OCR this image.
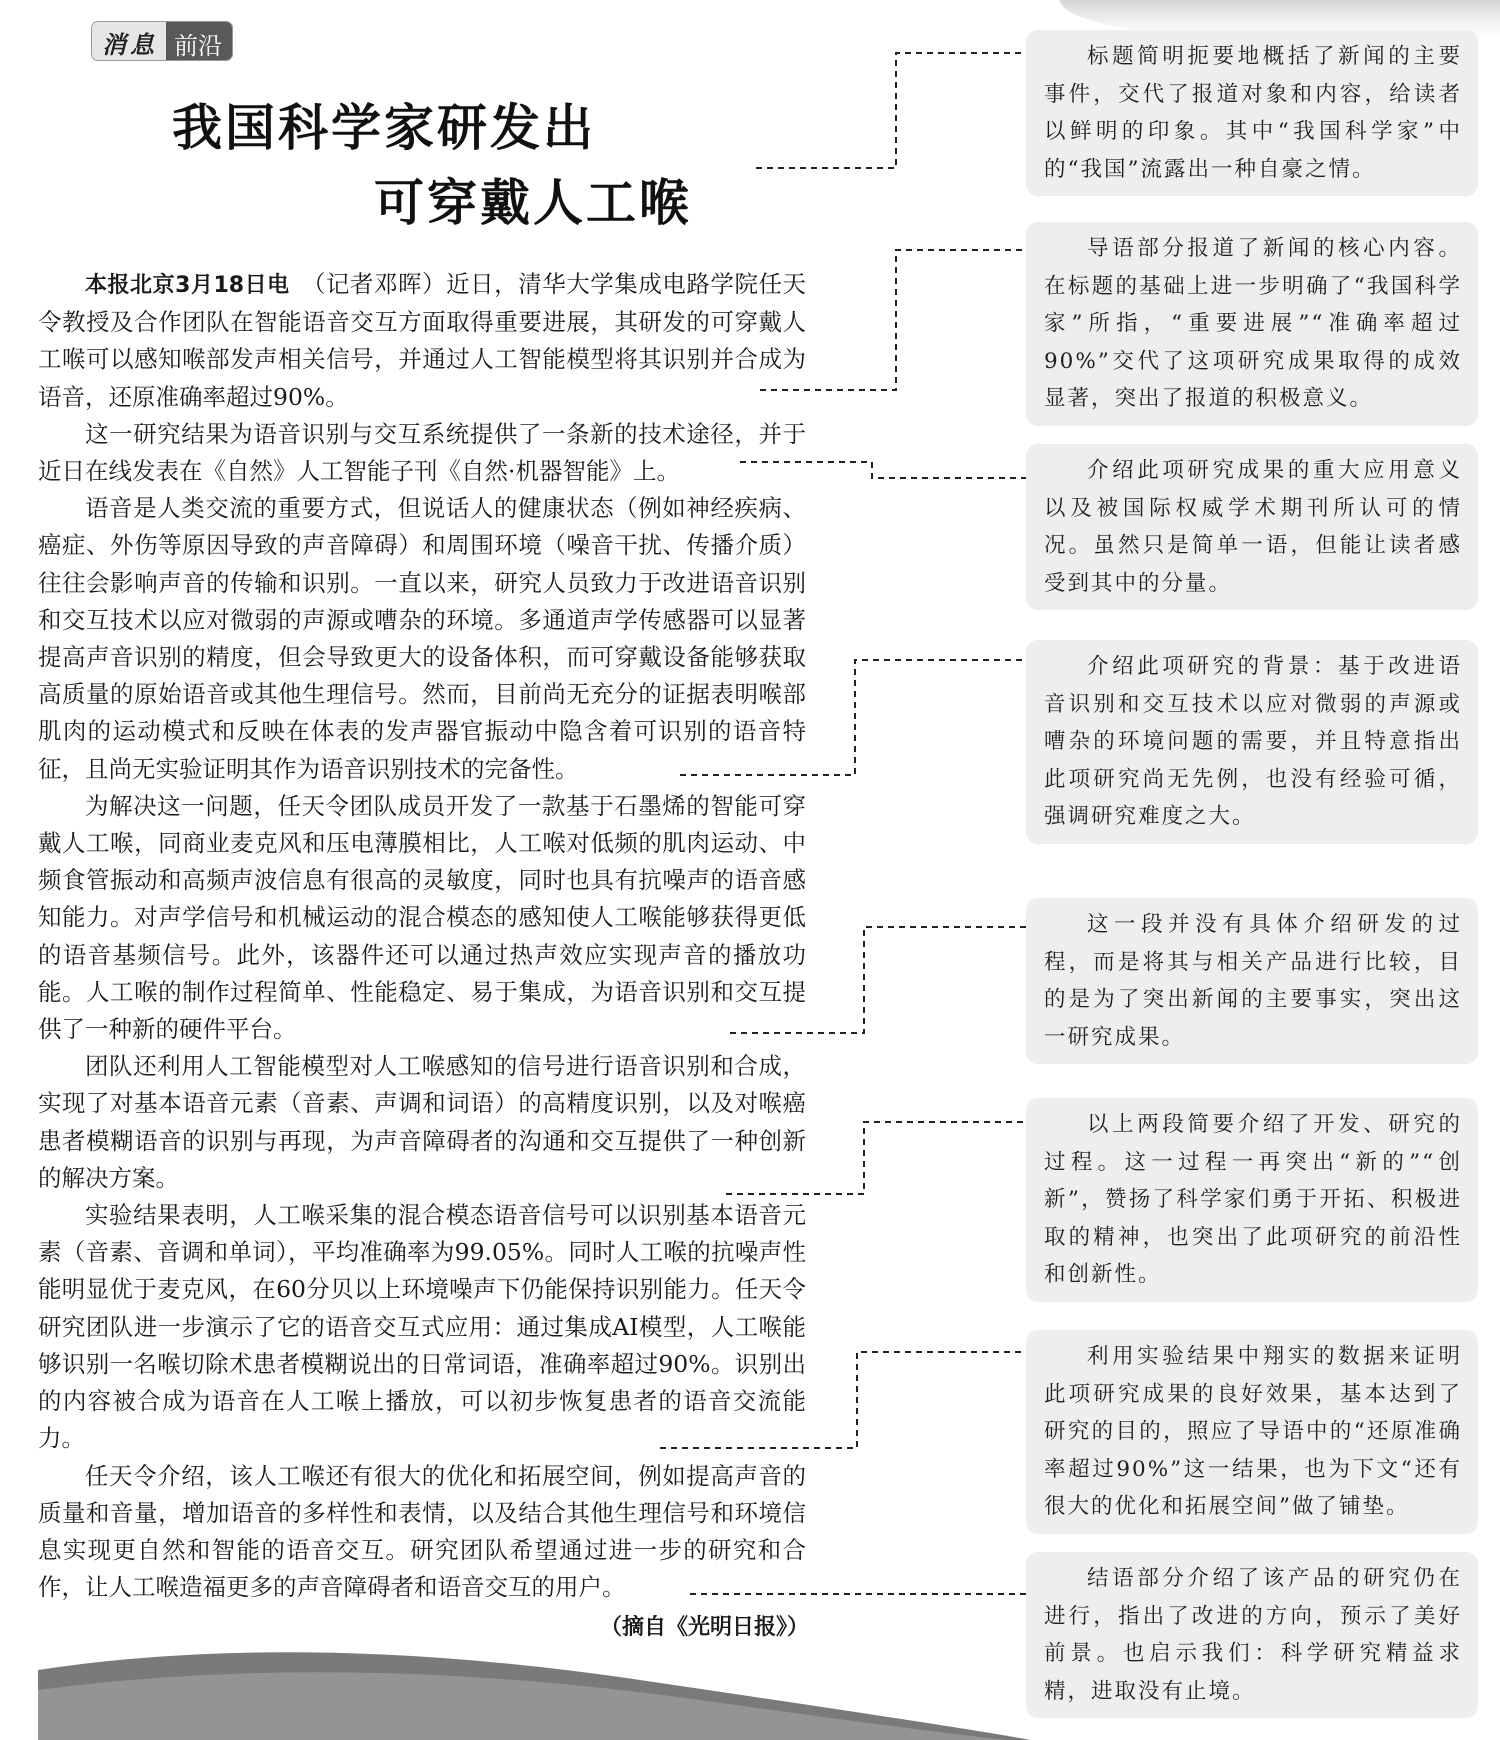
消息 前沿
我国科学家研发出
可穿戴人工喉

本报北京3月18日电　 （记者邓晖）近日，清华大学集成电路学院任天令教授及合作团队在智能语音交互方面取得重要进展，其研发的可穿戴人工喉可以感知喉部发声相关信号，并通过人工智能模型将其识别并合成为语音，还原准确率超过90%。

这一研究结果为语音识别与交互系统提供了一条新的技术途径，并于近日在线发表在《自然》人工智能子刊《自然·机器智能》上。

语音是人类交流的重要方式，但说话人的健康状态（例如神经疾病、癌症、外伤等原因导致的声音障碍）和周围环境（噪音干扰、传播介质）往往会影响声音的传输和识别。一直以来，研究人员致力于改进语音识别和交互技术以应对微弱的声源或嘈杂的环境。多通道声学传感器可以显著提高声音识别的精度，但会导致更大的设备体积，而可穿戴设备能够获取高质量的原始语音或其他生理信号。然而，目前尚无充分的证据表明喉部肌肉的运动模式和反映在体表的发声器官振动中隐含着可识别的语音特征，且尚无实验证明其作为语音识别技术的完备性。

为解决这一问题，任天令团队成员开发了一款基于石墨烯的智能可穿戴人工喉，同商业麦克风和压电薄膜相比，人工喉对低频的肌肉运动、中频食管振动和高频声波信息有很高的灵敏度，同时也具有抗噪声的语音感知能力。对声学信号和机械运动的混合模态的感知使人工喉能够获得更低的语音基频信号。此外，该器件还可以通过热声效应实现声音的播放功能。人工喉的制作过程简单、性能稳定、易于集成，为语音识别和交互提供了一种新的硬件平台。

团队还利用人工智能模型对人工喉感知的信号进行语音识别和合成，实现了对基本语音元素（音素、声调和词语）的高精度识别，以及对喉癌患者模糊语音的识别与再现，为声音障碍者的沟通和交互提供了一种创新的解决方案。

实验结果表明，人工喉采集的混合模态语音信号可以识别基本语音元素（音素、音调和单词），平均准确率为99.05%。同时人工喉的抗噪声性能明显优于麦克风，在60分贝以上环境噪声下仍能保持识别能力。任天令研究团队进一步演示了它的语音交互式应用：通过集成AI模型，人工喉能够识别一名喉切除术患者模糊说出的日常词语，准确率超过90%。识别出的内容被合成为语音在人工喉上播放，可以初步恢复患者的语音交流能力。

任天令介绍，该人工喉还有很大的优化和拓展空间，例如提高声音的质量和音量，增加语音的多样性和表情，以及结合其他生理信号和环境信息实现更自然和智能的语音交互。研究团队希望通过进一步的研究和合作，让人工喉造福更多的声音障碍者和语音交互的用户。

（摘自《光明日报》）

标题简明扼要地概括了新闻的主要事件，交代了报道对象和内容，给读者以鲜明的印象。其中“我国科学家”中的“我国”流露出一种自豪之情。

导语部分报道了新闻的核心内容。在标题的基础上进一步明确了“我国科学家”所指，“重要进展”“准确率超过90%”交代了这项研究成果取得的成效显著，突出了报道的积极意义。

介绍此项研究成果的重大应用意义以及被国际权威学术期刊所认可的情况。虽然只是简单一语，但能让读者感受到其中的分量。

介绍此项研究的背景：基于改进语音识别和交互技术以应对微弱的声源或嘈杂的环境问题的需要，并且特意指出此项研究尚无先例，也没有经验可循，强调研究难度之大。

这一段并没有具体介绍研发的过程，而是将其与相关产品进行比较，目的是为了突出新闻的主要事实，突出这一研究成果。

以上两段简要介绍了开发、研究的过程。这一过程一再突出“新的”“创新”，赞扬了科学家们勇于开拓、积极进取的精神，也突出了此项研究的前沿性和创新性。

利用实验结果中翔实的数据来证明此项研究成果的良好效果，基本达到了研究的目的，照应了导语中的“还原准确率超过90%”这一结果，也为下文“还有很大的优化和拓展空间”做了铺垫。

结语部分介绍了该产品的研究仍在进行，指出了改进的方向，预示了美好前景。也启示我们：科学研究精益求精，进取没有止境。
